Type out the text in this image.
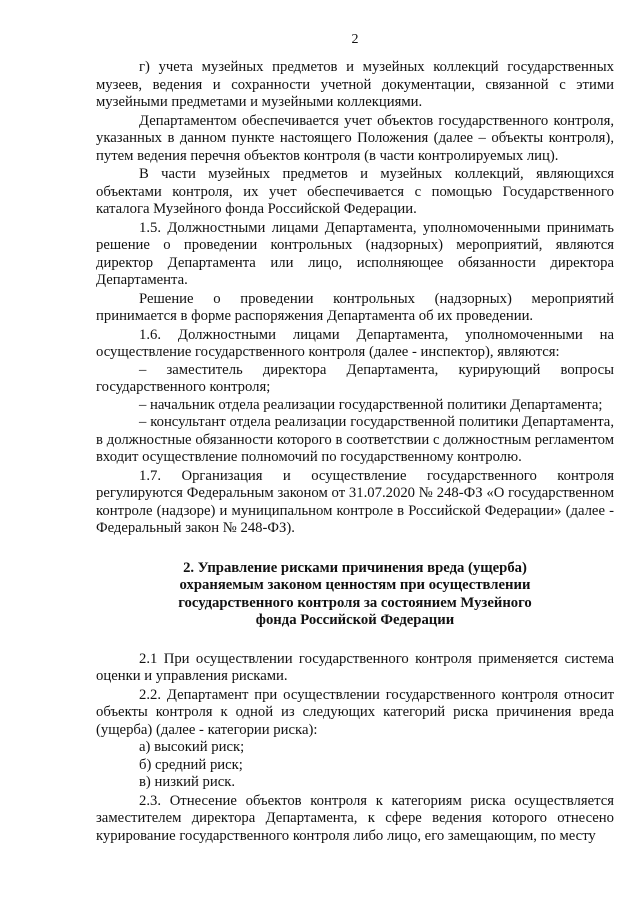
2

г) учета музейных предметов и музейных коллекций государственных музеев, ведения и сохранности учетной документации, связанной с этими музейными предметами и музейными коллекциями.

Департаментом обеспечивается учет объектов государственного контроля, указанных в данном пункте настоящего Положения (далее – объекты контроля), путем ведения перечня объектов контроля (в части контролируемых лиц).

В части музейных предметов и музейных коллекций, являющихся объектами контроля, их учет обеспечивается с помощью Государственного каталога Музейного фонда Российской Федерации.

1.5. Должностными лицами Департамента, уполномоченными принимать решение о проведении контрольных (надзорных) мероприятий, являются директор Департамента или лицо, исполняющее обязанности директора Департамента.

Решение о проведении контрольных (надзорных) мероприятий принимается в форме распоряжения Департамента об их проведении.

1.6. Должностными лицами Департамента, уполномоченными на осуществление государственного контроля (далее - инспектор), являются:

– заместитель директора Департамента, курирующий вопросы государственного контроля;

– начальник отдела реализации государственной политики Департамента;

– консультант отдела реализации государственной политики Департамента, в должностные обязанности которого в соответствии с должностным регламентом входит осуществление полномочий по государственному контролю.

1.7. Организация и осуществление государственного контроля регулируются Федеральным законом от 31.07.2020 № 248-ФЗ «О государственном контроле (надзоре) и муниципальном контроле в Российской Федерации» (далее - Федеральный закон № 248-ФЗ).

2. Управление рисками причинения вреда (ущерба)

охраняемым законом ценностям при осуществлении

государственного контроля за состоянием Музейного

фонда Российской Федерации

2.1 При осуществлении государственного контроля применяется система оценки и управления рисками.

2.2. Департамент при осуществлении государственного контроля относит объекты контроля к одной из следующих категорий риска причинения вреда (ущерба) (далее - категории риска):

а) высокий риск;

б) средний риск;

в) низкий риск.

2.3. Отнесение объектов контроля к категориям риска осуществляется заместителем директора Департамента, к сфере ведения которого отнесено курирование государственного контроля либо лицо, его замещающим, по месту
